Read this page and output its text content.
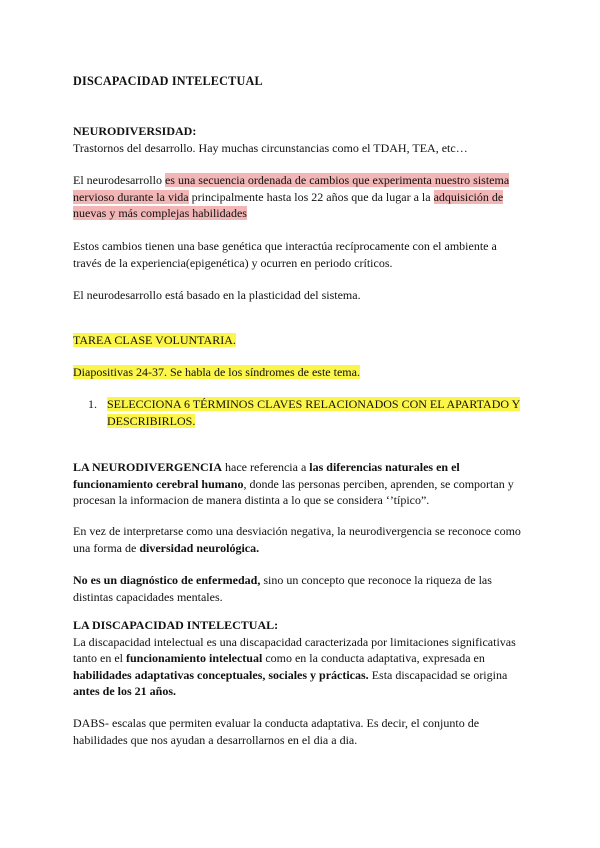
DISCAPACIDAD INTELECTUAL

NEURODIVERSIDAD:
Trastornos del desarrollo. Hay muchas circunstancias como el TDAH, TEA, etc…

El neurodesarrollo es una secuencia ordenada de cambios que experimenta nuestro sistema nervioso durante la vida principalmente hasta los 22 años que da lugar a la adquisición de nuevas y más complejas habilidades

Estos cambios tienen una base genética que interactúa recíprocamente con el ambiente a través de la experiencia(epigenética) y ocurren en periodo críticos.

El neurodesarrollo está basado en la plasticidad del sistema.

TAREA CLASE VOLUNTARIA.

Diapositivas 24-37. Se habla de los síndromes de este tema.

1. SELECCIONA 6 TÉRMINOS CLAVES RELACIONADOS CON EL APARTADO Y DESCRIBIRLOS.

LA NEURODIVERGENCIA hace referencia a las diferencias naturales en el funcionamiento cerebral humano, donde las personas perciben, aprenden, se comportan y procesan la informacion de manera distinta a lo que se considera ‘’típico”.

En vez de interpretarse como una desviación negativa, la neurodivergencia se reconoce como una forma de diversidad neurológica.

No es un diagnóstico de enfermedad, sino un concepto que reconoce la riqueza de las distintas capacidades mentales.

LA DISCAPACIDAD INTELECTUAL:
La discapacidad intelectual es una discapacidad caracterizada por limitaciones significativas tanto en el funcionamiento intelectual como en la conducta adaptativa, expresada en habilidades adaptativas conceptuales, sociales y prácticas. Esta discapacidad se origina antes de los 21 años.

DABS- escalas que permiten evaluar la conducta adaptativa. Es decir, el conjunto de habilidades que nos ayudan a desarrollarnos en el dia a dia.
